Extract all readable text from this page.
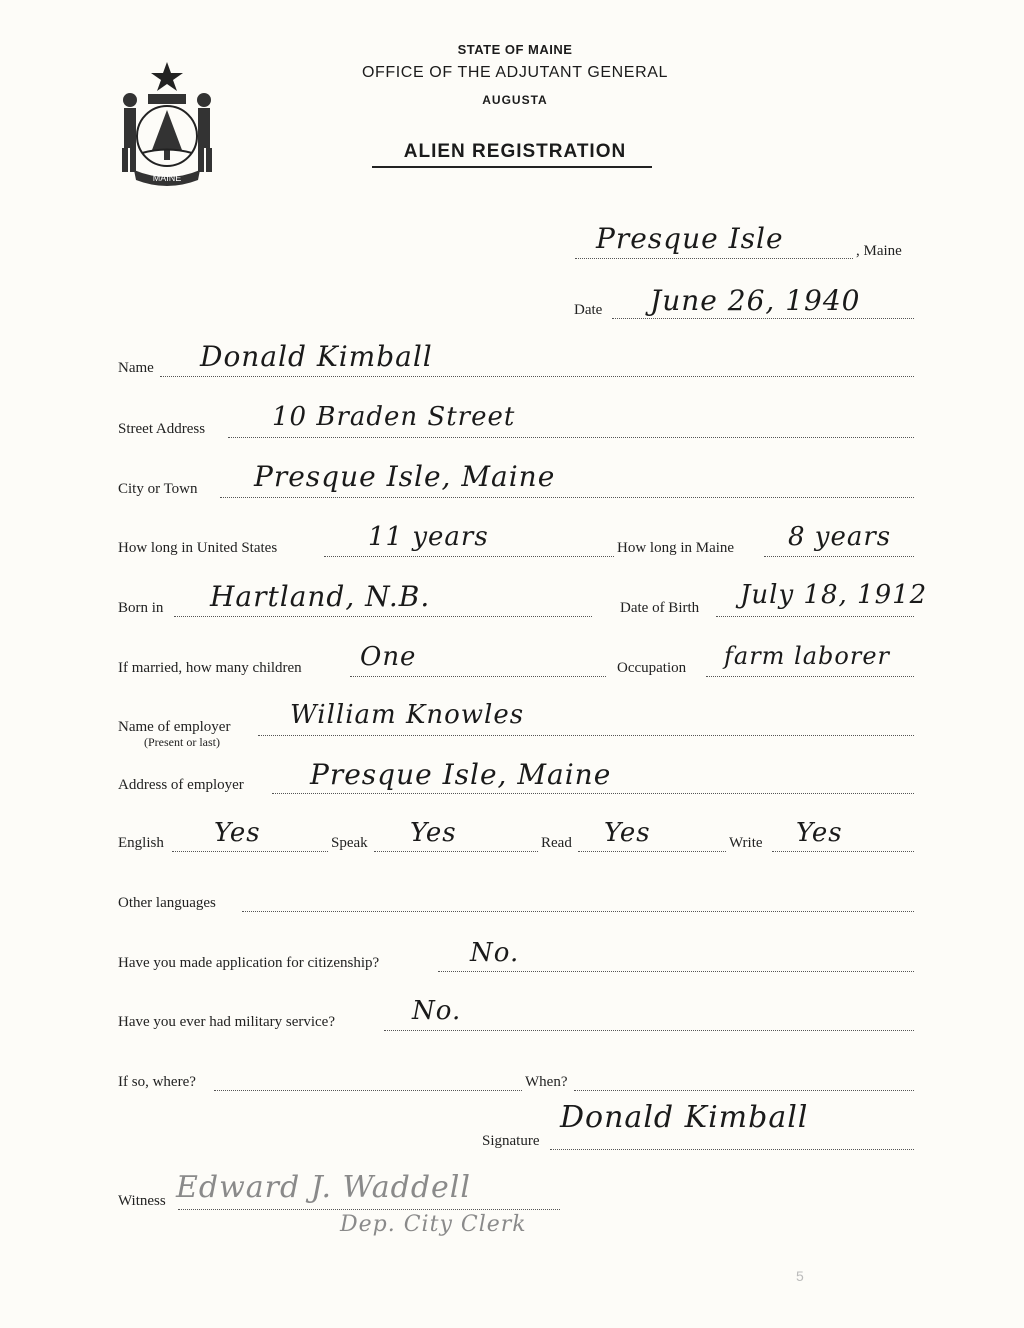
MAINE
STATE OF MAINE
OFFICE OF THE ADJUTANT GENERAL
AUGUSTA
ALIEN REGISTRATION
Presque Isle	, Maine
Date June 26, 1940
Name Donald Kimball
Street Address	10 Braden Street
City or Town Presque Isle, Maine
How long in United States	11 years	How long in Maine 8 years
Born in Hartland, N.B.	Date of Birth July 18, 1912
If married, how many children One	Occupation farm laborer
Name of employer
(Present or last)
William Knowles
Address of employer Presque Isle, Maine
English Yes	Speak Yes	Read Yes	Write Yes
Other languages
Have you made application for citizenship?	No.
Have you ever had military service?	No.
If so, where?	When?
Signature
Donald Kimball
Witness Edward J. Waddell
Dep. City Clerk
5
